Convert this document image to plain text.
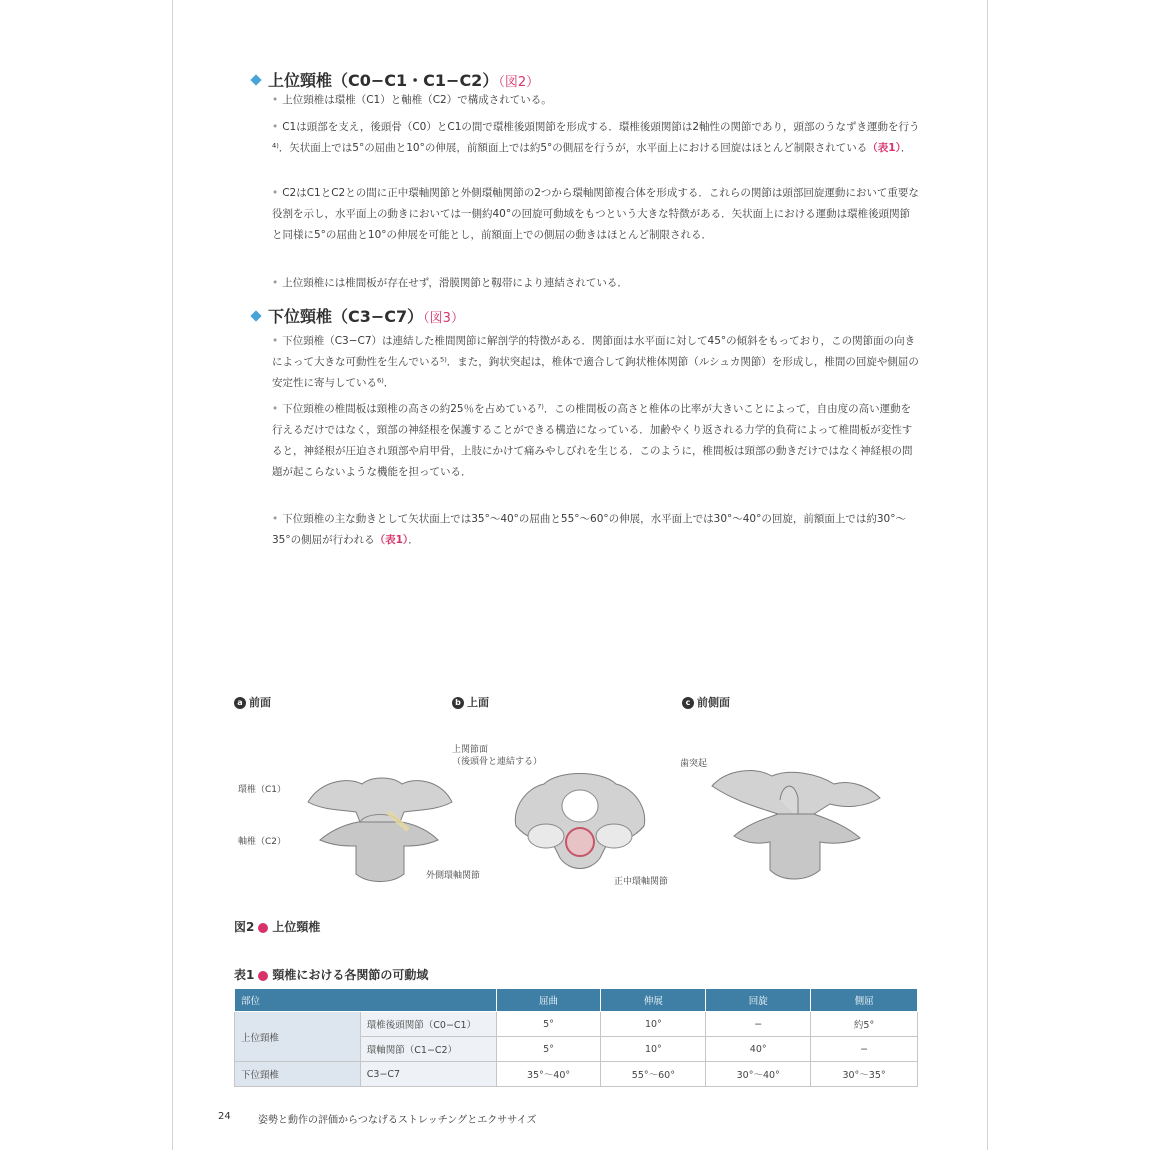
上位頸椎（C0−C1・C1−C2）（図2）
• 上位頸椎は環椎（C1）と軸椎（C2）で構成されている。
• C1は頭部を支え，後頭骨（C0）とC1の間で環椎後頭関節を形成する．環椎後頭関節は2軸性の関節であり，頭部のうなずき運動を行う⁴⁾．矢状面上では5°の屈曲と10°の伸展，前額面上では約5°の側屈を行うが，水平面上における回旋はほとんど制限されている（表1）．
• C2はC1とC2との間に正中環軸関節と外側環軸関節の2つから環軸関節複合体を形成する．これらの関節は頭部回旋運動において重要な役割を示し，水平面上の動きにおいては一側約40°の回旋可動域をもつという大きな特徴がある．矢状面上における運動は環椎後頭関節と同様に5°の屈曲と10°の伸展を可能とし，前額面上での側屈の動きはほとんど制限される．
• 上位頸椎には椎間板が存在せず，滑膜関節と靱帯により連結されている．
下位頸椎（C3−C7）（図3）
• 下位頸椎（C3−C7）は連結した椎間関節に解剖学的特徴がある．関節面は水平面に対して45°の傾斜をもっており，この関節面の向きによって大きな可動性を生んでいる⁵⁾．また，鉤状突起は，椎体で適合して鉤状椎体関節（ルシュカ関節）を形成し，椎間の回旋や側屈の安定性に寄与している⁶⁾．
• 下位頸椎の椎間板は頸椎の高さの約25％を占めている⁷⁾．この椎間板の高さと椎体の比率が大きいことによって，自由度の高い運動を行えるだけではなく，頸部の神経根を保護することができる構造になっている．加齢やくり返される力学的負荷によって椎間板が変性すると，神経根が圧迫され頸部や肩甲骨，上肢にかけて痛みやしびれを生じる．このように，椎間板は頸部の動きだけではなく神経根の問題が起こらないような機能を担っている．
• 下位頸椎の主な動きとして矢状面上では35°〜40°の屈曲と55°〜60°の伸展，水平面上では30°〜40°の回旋，前額面上では約30°〜35°の側屈が行われる（表1）．
a 前面	b 上面	c 前側面
環椎（C1）
軸椎（C2）
外側環軸関節
上関節面
（後頭骨と連結する）
正中環軸関節
歯突起
図2 上位頸椎
表1 頸椎における各関節の可動域
部位		屈曲	伸展	回旋	側屈
上位頸椎	環椎後頭関節（C0−C1）	5°	10°	−	約5°
	環軸関節（C1−C2）	5°	10°	40°	−
下位頸椎	C3−C7	35°〜40°	55°〜60°	30°〜40°	30°〜35°
24	姿勢と動作の評価からつなげるストレッチングとエクササイズ
